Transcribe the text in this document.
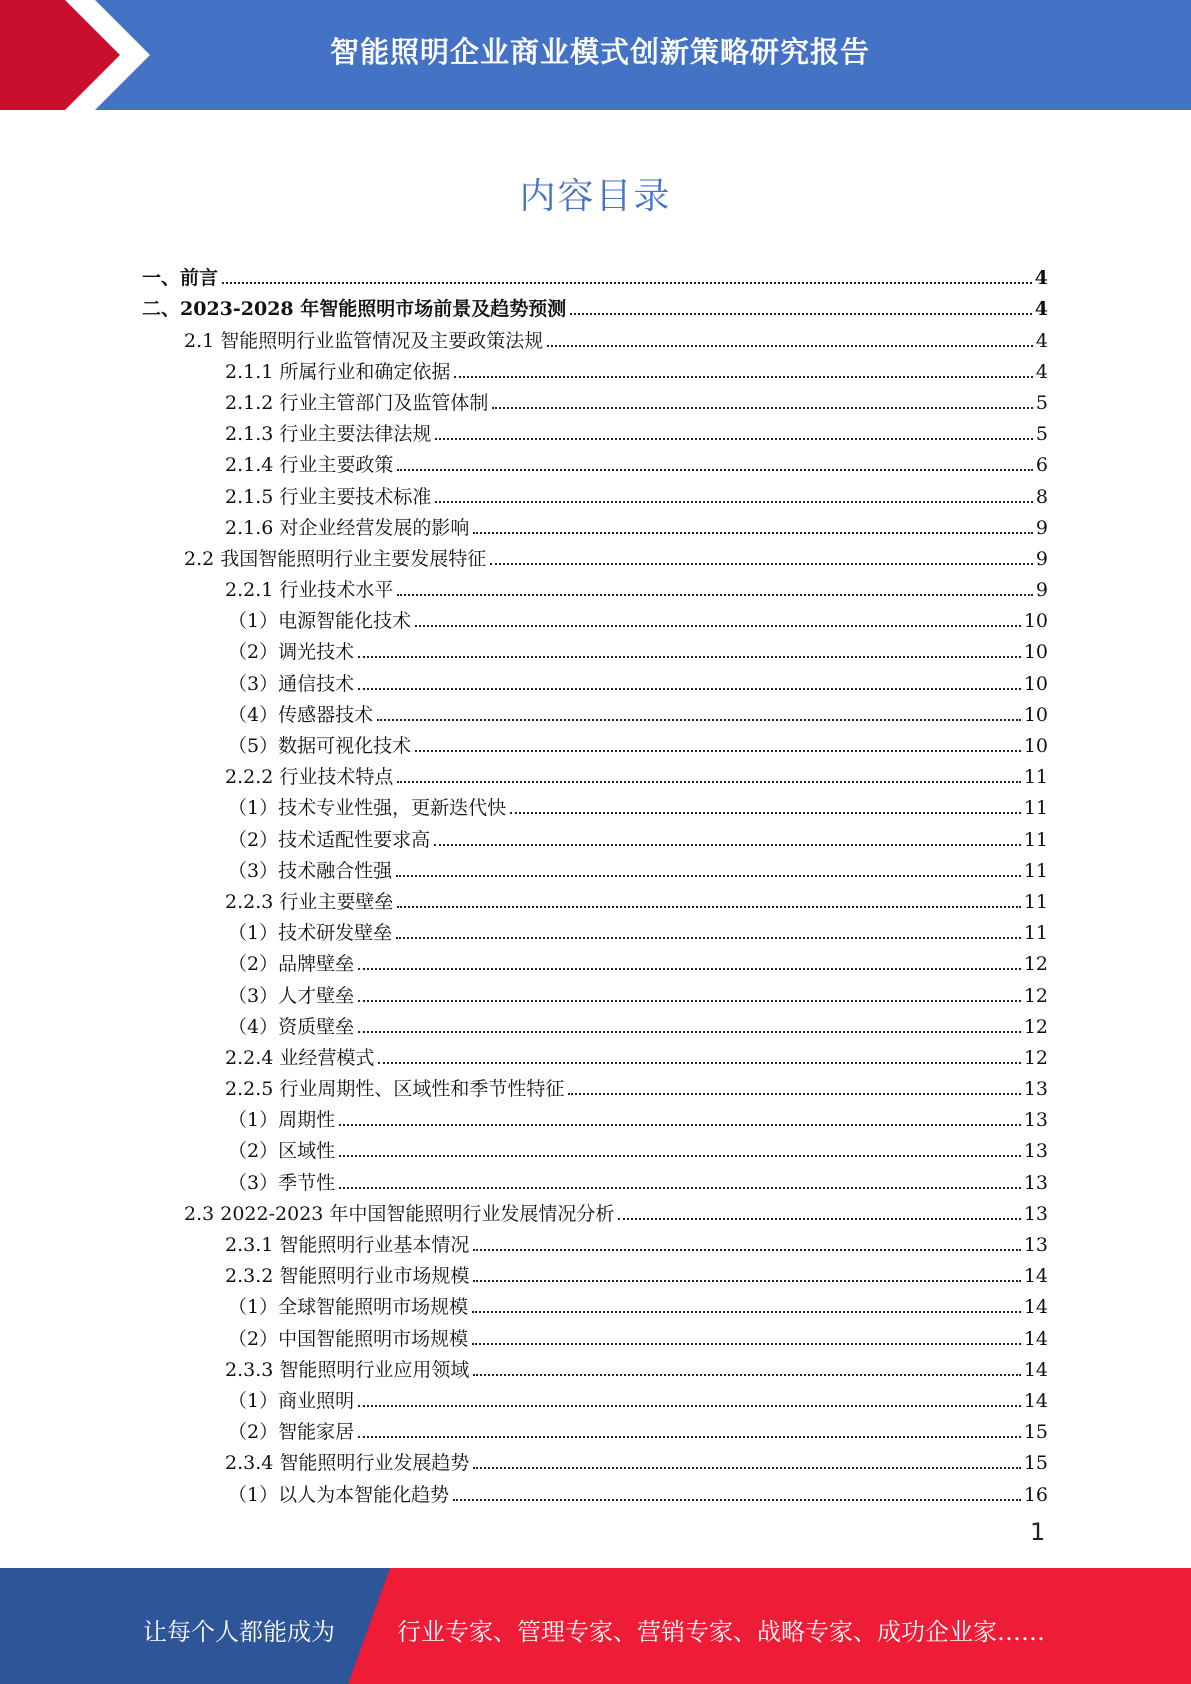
智能照明企业商业模式创新策略研究报告
内容目录
一、前言	4
二、2023-2028 年智能照明市场前景及趋势预测	4
2.1 智能照明行业监管情况及主要政策法规	4
2.1.1 所属行业和确定依据	4
2.1.2 行业主管部门及监管体制	5
2.1.3 行业主要法律法规	5
2.1.4 行业主要政策	6
2.1.5 行业主要技术标准	8
2.1.6 对企业经营发展的影响	9
2.2 我国智能照明行业主要发展特征	9
2.2.1 行业技术水平	9
（1）电源智能化技术	10
（2）调光技术	10
（3）通信技术	10
（4）传感器技术	10
（5）数据可视化技术	10
2.2.2 行业技术特点	11
（1）技术专业性强，更新迭代快	11
（2）技术适配性要求高	11
（3）技术融合性强	11
2.2.3 行业主要壁垒	11
（1）技术研发壁垒	11
（2）品牌壁垒	12
（3）人才壁垒	12
（4）资质壁垒	12
2.2.4 业经营模式	12
2.2.5 行业周期性、区域性和季节性特征	13
（1）周期性	13
（2）区域性	13
（3）季节性	13
2.3 2022-2023 年中国智能照明行业发展情况分析	13
2.3.1 智能照明行业基本情况	13
2.3.2 智能照明行业市场规模	14
（1）全球智能照明市场规模	14
（2）中国智能照明市场规模	14
2.3.3 智能照明行业应用领域	14
（1）商业照明	14
（2）智能家居	15
2.3.4 智能照明行业发展趋势	15
（1）以人为本智能化趋势	16
1
让每个人都能成为	行业专家、管理专家、营销专家、战略专家、成功企业家……
